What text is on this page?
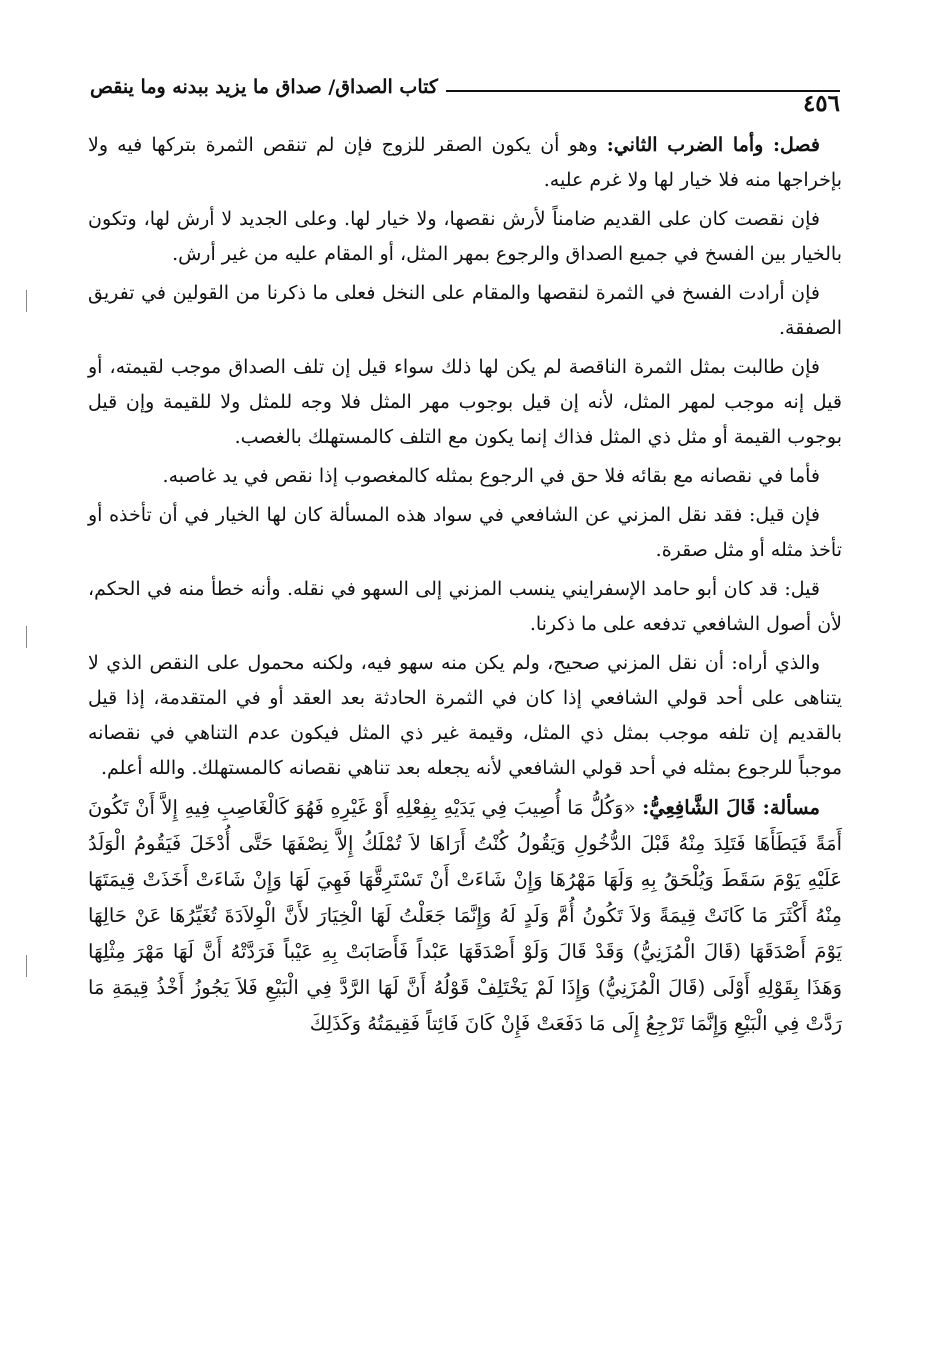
٤٥٦
كتاب الصداق/ صداق ما يزيد ببدنه وما ينقص

فصل: وأما الضرب الثاني: وهو أن يكون الصقر للزوج فإن لم تنقص الثمرة بتركها فيه ولا بإخراجها منه فلا خيار لها ولا غرم عليه.

فإن نقصت كان على القديم ضامناً لأرش نقصها، ولا خيار لها. وعلى الجديد لا أرش لها، وتكون بالخيار بين الفسخ في جميع الصداق والرجوع بمهر المثل، أو المقام عليه من غير أرش.

فإن أرادت الفسخ في الثمرة لنقصها والمقام على النخل فعلى ما ذكرنا من القولين في تفريق الصفقة.

فإن طالبت بمثل الثمرة الناقصة لم يكن لها ذلك سواء قيل إن تلف الصداق موجب لقيمته، أو قيل إنه موجب لمهر المثل، لأنه إن قيل بوجوب مهر المثل فلا وجه للمثل ولا للقيمة وإن قيل بوجوب القيمة أو مثل ذي المثل فذاك إنما يكون مع التلف كالمستهلك بالغصب.

فأما في نقصانه مع بقائه فلا حق في الرجوع بمثله كالمغصوب إذا نقص في يد غاصبه.

فإن قيل: فقد نقل المزني عن الشافعي في سواد هذه المسألة كان لها الخيار في أن تأخذه أو تأخذ مثله أو مثل صقرة.

قيل: قد كان أبو حامد الإسفرايني ينسب المزني إلى السهو في نقله. وأنه خطأ منه في الحكم، لأن أصول الشافعي تدفعه على ما ذكرنا.

والذي أراه: أن نقل المزني صحيح، ولم يكن منه سهو فيه، ولكنه محمول على النقص الذي لا يتناهى على أحد قولي الشافعي إذا كان في الثمرة الحادثة بعد العقد أو في المتقدمة، إذا قيل بالقديم إن تلفه موجب بمثل ذي المثل، وقيمة غير ذي المثل فيكون عدم التناهي في نقصانه موجباً للرجوع بمثله في أحد قولي الشافعي لأنه يجعله بعد تناهي نقصانه كالمستهلك. والله أعلم.

مسألة: قَالَ الشَّافِعِيُّ: «وَكُلُّ مَا أُصِيبَ فِي يَدَيْهِ بِفِعْلِهِ أَوْ غَيْرِهِ فَهُوَ كَالْغَاصِبِ فِيهِ إِلاَّ أَنْ تَكُونَ أَمَةً فَيَطَأَهَا فَتَلِدَ مِنْهُ قَبْلَ الدُّخُولِ وَيَقُولُ كُنْتُ أَرَاهَا لاَ تُمْلَكُ إِلاَّ نِصْفَهَا حَتَّى أُدْخَلَ فَيَقُومُ الْوَلَدُ عَلَيْهِ يَوْمَ سَقَطَ وَيُلْحَقُ بِهِ وَلَهَا مَهْرُهَا وَإِنْ شَاءَتْ أَنْ تَسْتَرِقَّهَا فَهِيَ لَهَا وَإِنْ شَاءَتْ أَخَذَتْ قِيمَتَهَا مِنْهُ أَكْثَرَ مَا كَانَتْ قِيمَةً وَلاَ تَكُونُ أُمَّ وَلَدٍ لَهُ وَإِنَّمَا جَعَلْتُ لَهَا الْخِيَارَ لأَنَّ الْوِلاَدَةَ تُغَيِّرُهَا عَنْ حَالِهَا يَوْمَ أَصْدَقَهَا (قَالَ الْمُزَنِيُّ) وَقَدْ قَالَ وَلَوْ أَصْدَقَهَا عَبْداً فَأَصَابَتْ بِهِ عَيْباً فَرَدَّتْهُ أَنَّ لَهَا مَهْرَ مِثْلِهَا وَهَذَا بِقَوْلِهِ أَوْلَى (قَالَ الْمُزَنِيُّ) وَإِذَا لَمْ يَخْتَلِفْ قَوْلُهُ أَنَّ لَهَا الرَّدَّ فِي الْبَيْعِ فَلاَ يَجُوزُ أَخْذُ قِيمَةِ مَا رَدَّتْ فِي الْبَيْعِ وَإِنَّمَا تَرْجِعُ إِلَى مَا دَفَعَتْ فَإِنْ كَانَ فَائِتاً فَقِيمَتُهُ وَكَذَلِكَ
